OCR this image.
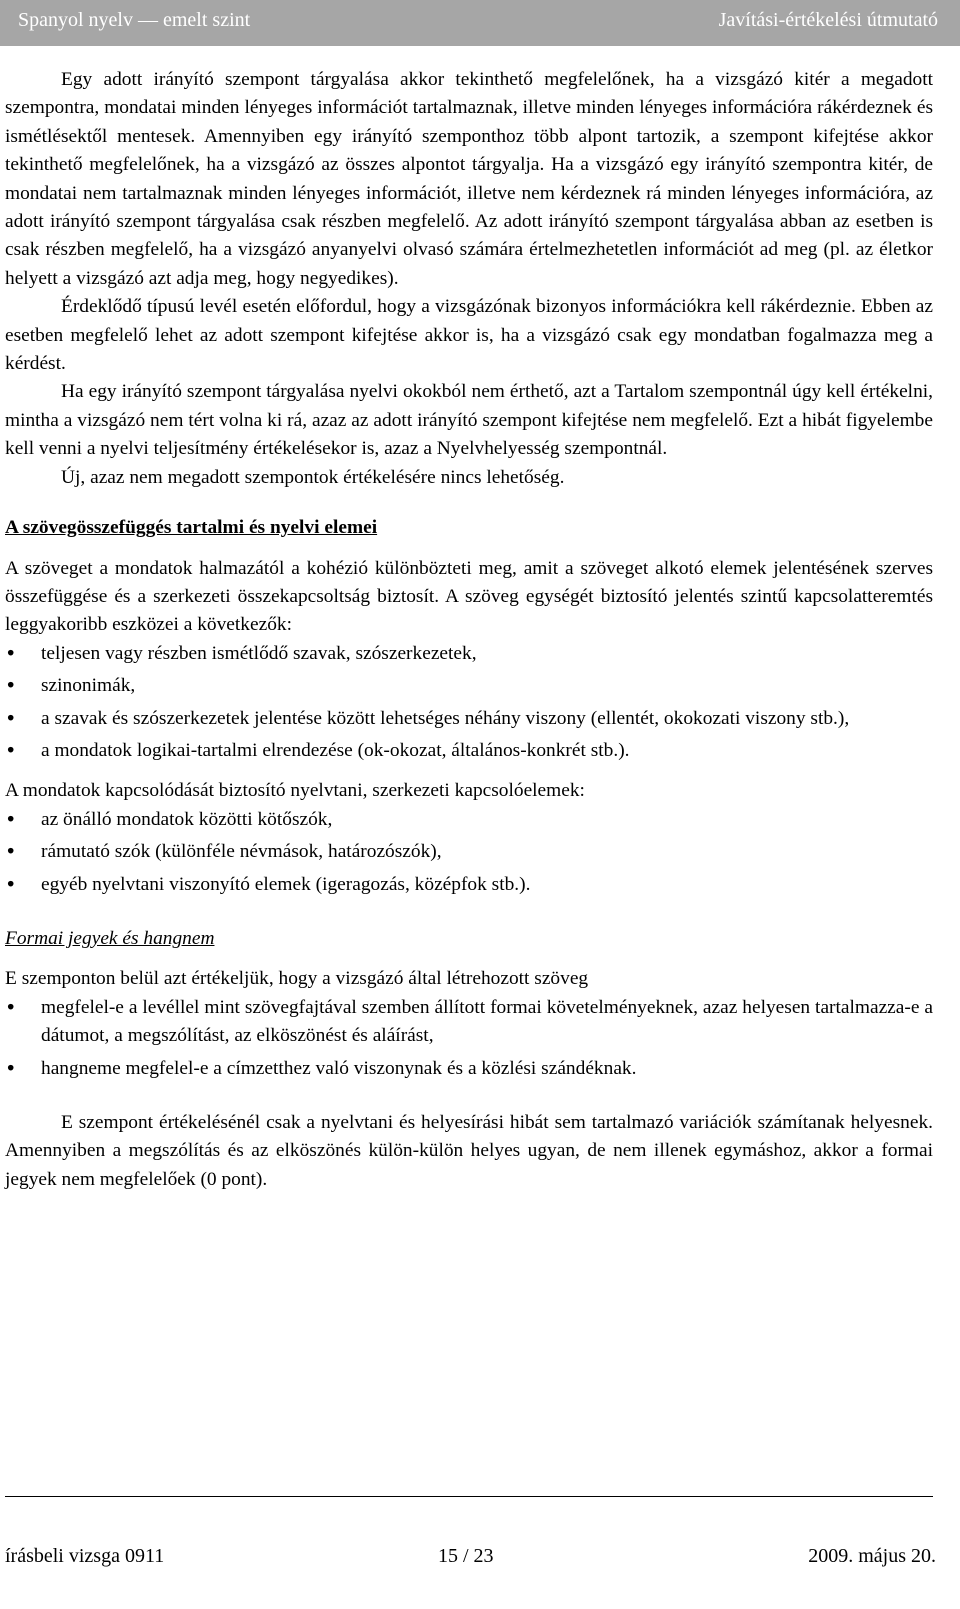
Spanyol nyelv — emelt szint	Javítási-értékelési útmutató

Egy adott irányító szempont tárgyalása akkor tekinthető megfelelőnek, ha a vizsgázó kitér a megadott szempontra, mondatai minden lényeges információt tartalmaznak, illetve minden lényeges információra rákérdeznek és ismétlésektől mentesek. Amennyiben egy irányító szemponthoz több alpont tartozik, a szempont kifejtése akkor tekinthető megfelelőnek, ha a vizsgázó az összes alpontot tárgyalja. Ha a vizsgázó egy irányító szempontra kitér, de mondatai nem tartalmaznak minden lényeges információt, illetve nem kérdeznek rá minden lényeges információra, az adott irányító szempont tárgyalása csak részben megfelelő. Az adott irányító szempont tárgyalása abban az esetben is csak részben megfelelő, ha a vizsgázó anyanyelvi olvasó számára értelmezhetetlen információt ad meg (pl. az életkor helyett a vizsgázó azt adja meg, hogy negyedikes).

Érdeklődő típusú levél esetén előfordul, hogy a vizsgázónak bizonyos információkra kell rákérdeznie. Ebben az esetben megfelelő lehet az adott szempont kifejtése akkor is, ha a vizsgázó csak egy mondatban fogalmazza meg a kérdést.

Ha egy irányító szempont tárgyalása nyelvi okokból nem érthető, azt a Tartalom szempontnál úgy kell értékelni, mintha a vizsgázó nem tért volna ki rá, azaz az adott irányító szempont kifejtése nem megfelelő. Ezt a hibát figyelembe kell venni a nyelvi teljesítmény értékelésekor is, azaz a Nyelvhelyesség szempontnál.

Új, azaz nem megadott szempontok értékelésére nincs lehetőség.

A szövegösszefüggés tartalmi és nyelvi elemei

A szöveget a mondatok halmazától a kohézió különbözteti meg, amit a szöveget alkotó elemek jelentésének szerves összefüggése és a szerkezeti összekapcsoltság biztosít. A szöveg egységét biztosító jelentés szintű kapcsolatteremtés leggyakoribb eszközei a következők:

•	teljesen vagy részben ismétlődő szavak, szószerkezetek,
•	szinonimák,
•	a szavak és szószerkezetek jelentése között lehetséges néhány viszony (ellentét, okokozati viszony stb.),
•	a mondatok logikai-tartalmi elrendezése (ok-okozat, általános-konkrét stb.).

A mondatok kapcsolódását biztosító nyelvtani, szerkezeti kapcsolóelemek:

•	az önálló mondatok közötti kötőszók,
•	rámutató szók (különféle névmások, határozószók),
•	egyéb nyelvtani viszonyító elemek (igeragozás, középfok stb.).

Formai jegyek és hangnem

E szemponton belül azt értékeljük, hogy a vizsgázó által létrehozott szöveg

•	megfelel-e a levéllel mint szövegfajtával szemben állított formai követelményeknek, azaz helyesen tartalmazza-e a dátumot, a megszólítást, az elköszönést és aláírást,
•	hangneme megfelel-e a címzetthez való viszonynak és a közlési szándéknak.

E szempont értékelésénél csak a nyelvtani és helyesírási hibát sem tartalmazó variációk számítanak helyesnek. Amennyiben a megszólítás és az elköszönés külön-külön helyes ugyan, de nem illenek egymáshoz, akkor a formai jegyek nem megfelelőek (0 pont).

írásbeli vizsga 0911	15 / 23	2009. május 20.
